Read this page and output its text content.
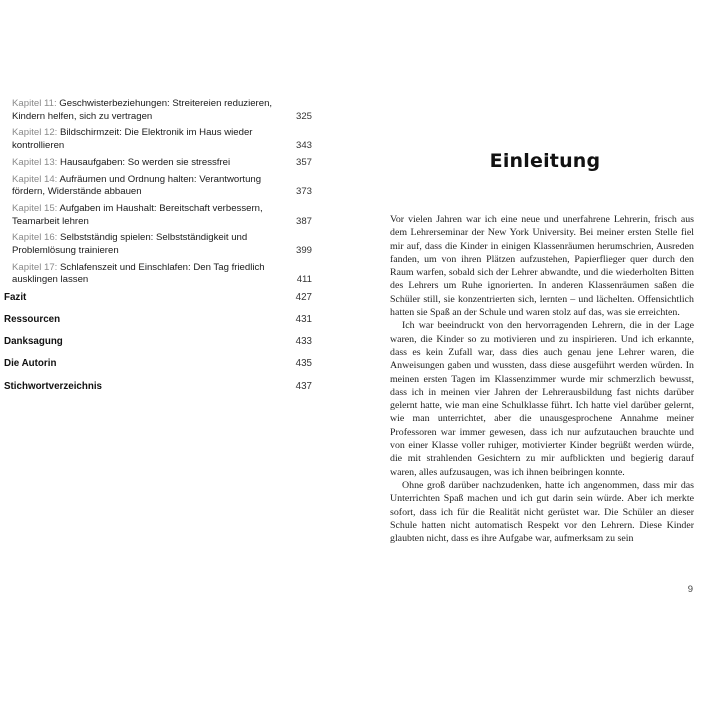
Kapitel 11: Geschwisterbeziehungen: Streitereien reduzieren, Kindern helfen, sich zu vertragen	325
Kapitel 12: Bildschirmzeit: Die Elektronik im Haus wieder kontrollieren	343
Kapitel 13: Hausaufgaben: So werden sie stressfrei	357
Kapitel 14: Aufräumen und Ordnung halten: Verantwortung fördern, Widerstände abbauen	373
Kapitel 15: Aufgaben im Haushalt: Bereitschaft verbessern, Teamarbeit lehren	387
Kapitel 16: Selbstständig spielen: Selbstständigkeit und Problemlösung trainieren	399
Kapitel 17: Schlafenszeit und Einschlafen: Den Tag friedlich ausklingen lassen	411
Fazit	427
Ressourcen	431
Danksagung	433
Die Autorin	435
Stichwortverzeichnis	437
Einleitung

Vor vielen Jahren war ich eine neue und unerfahrene Lehrerin, frisch aus dem Lehrerseminar der New York University. Bei meiner ersten Stelle fiel mir auf, dass die Kinder in einigen Klassenräumen herumschrien, Ausreden fanden, um von ihren Plätzen aufzustehen, Papierflieger quer durch den Raum warfen, sobald sich der Lehrer abwandte, und die wiederholten Bitten des Lehrers um Ruhe ignorierten. In anderen Klassenräumen saßen die Schüler still, sie konzentrierten sich, lernten – und lächelten. Offensichtlich hatten sie Spaß an der Schule und waren stolz auf das, was sie erreichten.

Ich war beeindruckt von den hervorragenden Lehrern, die in der Lage waren, die Kinder so zu motivieren und zu inspirieren. Und ich erkannte, dass es kein Zufall war, dass dies auch genau jene Lehrer waren, die Anweisungen gaben und wussten, dass diese ausgeführt werden würden. In meinen ersten Tagen im Klassenzimmer wurde mir schmerzlich bewusst, dass ich in meinen vier Jahren der Lehrerausbildung fast nichts darüber gelernt hatte, wie man eine Schulklasse führt. Ich hatte viel darüber gelernt, wie man unterrichtet, aber die unausgesprochene Annahme meiner Professoren war immer gewesen, dass ich nur aufzutauchen brauchte und von einer Klasse voller ruhiger, motivierter Kinder begrüßt werden würde, die mit strahlenden Gesichtern zu mir aufblickten und begierig darauf waren, alles aufzusaugen, was ich ihnen beibringen konnte.

Ohne groß darüber nachzudenken, hatte ich angenommen, dass mir das Unterrichten Spaß machen und ich gut darin sein würde. Aber ich merkte sofort, dass ich für die Realität nicht gerüstet war. Die Schüler an dieser Schule hatten nicht automatisch Respekt vor den Lehrern. Diese Kinder glaubten nicht, dass es ihre Aufgabe war, aufmerksam zu sein

9
